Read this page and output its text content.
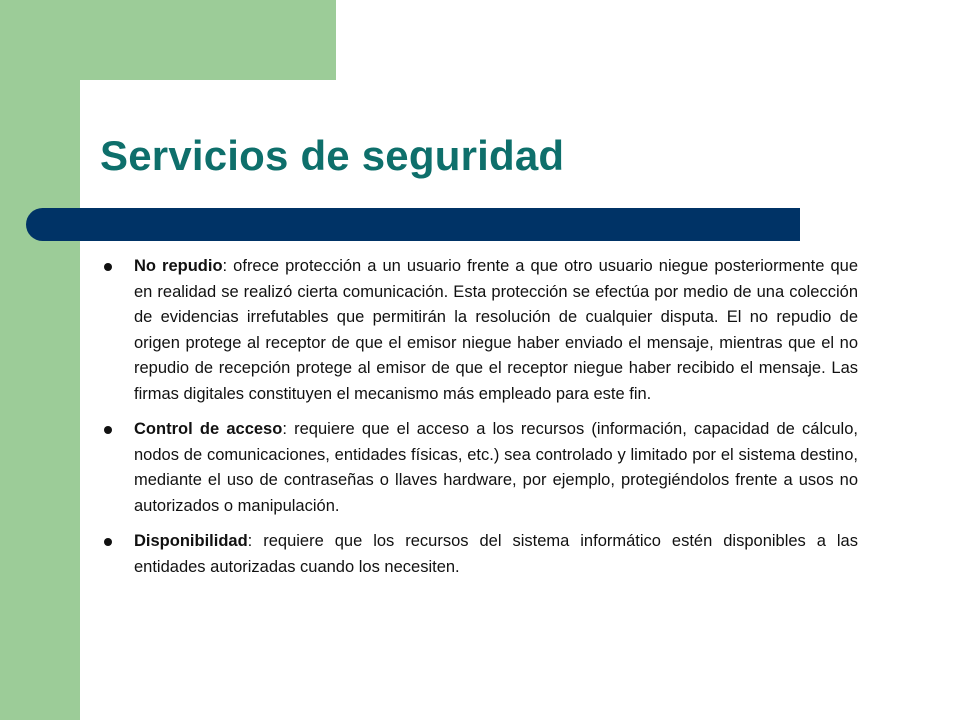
Servicios de seguridad
No repudio: ofrece protección a un usuario frente a que otro usuario niegue posteriormente que en realidad se realizó cierta comunicación. Esta protección se efectúa por medio de una colección de evidencias irrefutables que permitirán la resolución de cualquier disputa. El no repudio de origen protege al receptor de que el emisor niegue haber enviado el mensaje, mientras que el no repudio de recepción protege al emisor de que el receptor niegue haber recibido el mensaje. Las firmas digitales constituyen el mecanismo más empleado para este fin.
Control de acceso: requiere que el acceso a los recursos (información, capacidad de cálculo, nodos de comunicaciones, entidades físicas, etc.) sea controlado y limitado por el sistema destino, mediante el uso de contraseñas o llaves hardware, por ejemplo, protegiéndolos frente a usos no autorizados o manipulación.
Disponibilidad: requiere que los recursos del sistema informático estén disponibles a las entidades autorizadas cuando los necesiten.
